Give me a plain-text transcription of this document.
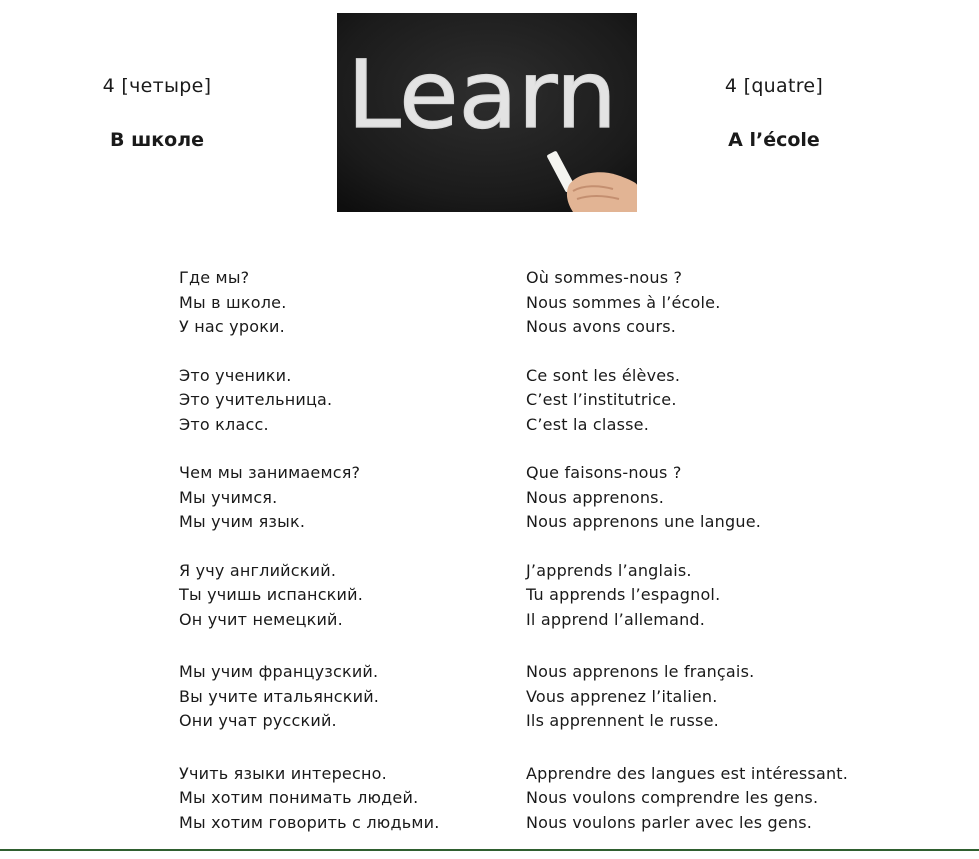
4 [четыре]
В школе Learn	4 [quatre]
A l’école
Где мы?
Мы в школе.
У нас уроки.
Это ученики.
Это учительница.
Это класс.
Чем мы занимаемся?
Мы учимся.
Мы учим язык.
Я учу английский.
Ты учишь испанский.
Он учит немецкий.
Мы учим французский.
Вы учите итальянский.
Они учат русский.
Учить языки интересно.
Мы хотим понимать людей.
Мы хотим говорить с людьми.
Où sommes-nous ?
Nous sommes à l’école.
Nous avons cours.
Ce sont les élèves.
C’est l’institutrice.
C’est la classe.
Que faisons-nous ?
Nous apprenons.
Nous apprenons une langue.
J’apprends l’anglais.
Tu apprends l’espagnol.
Il apprend l’allemand.
Nous apprenons le français.
Vous apprenez l’italien.
Ils apprennent le russe.
Apprendre des langues est intéressant.
Nous voulons comprendre les gens.
Nous voulons parler avec les gens.
